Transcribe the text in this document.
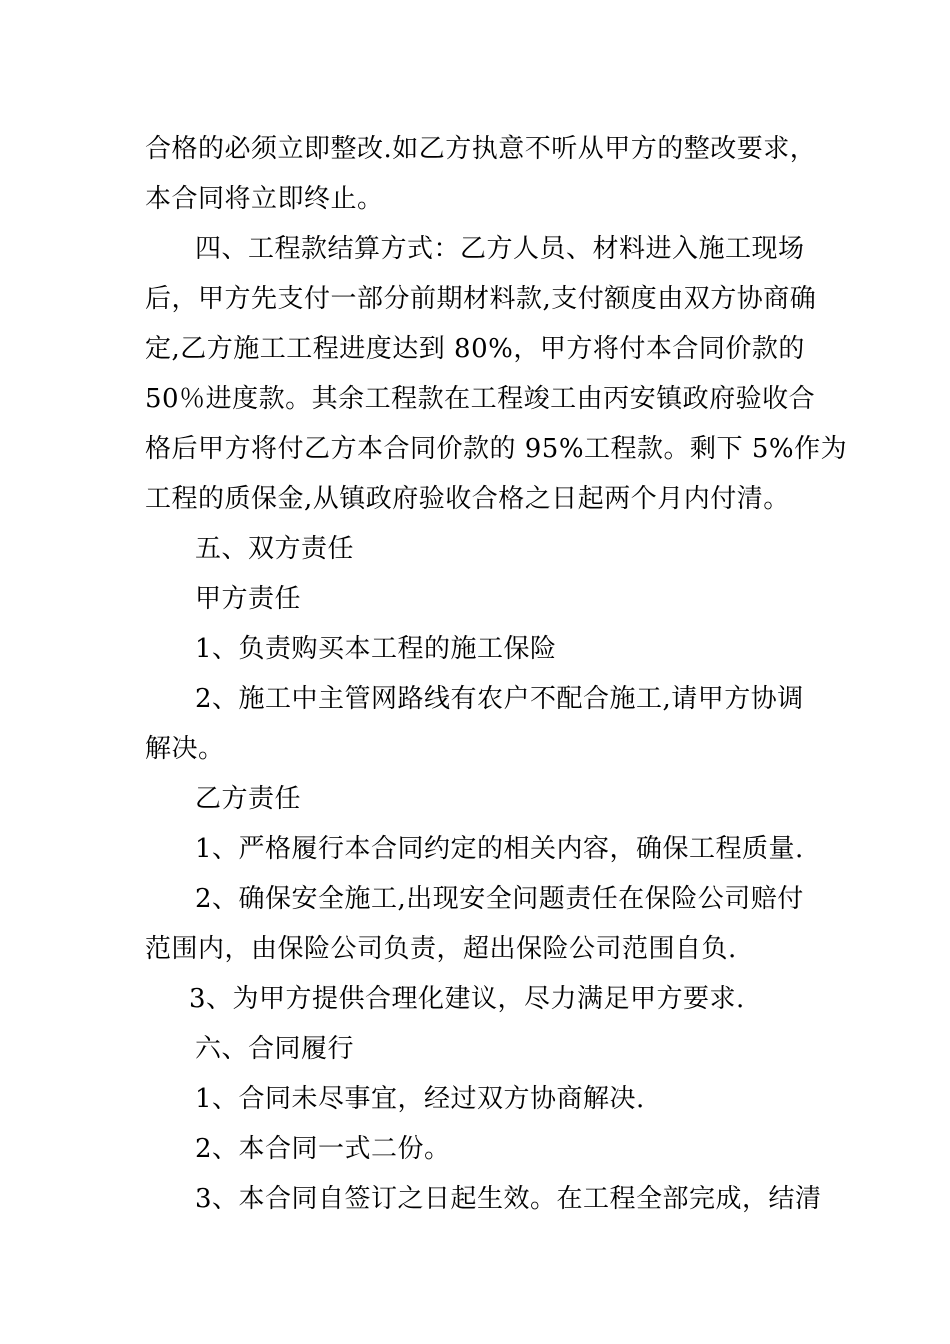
合格的必须立即整改.如乙方执意不听从甲方的整改要求，
本合同将立即终止。
四、工程款结算方式：乙方人员、材料进入施工现场
后，甲方先支付一部分前期材料款,支付额度由双方协商确
定,乙方施工工程进度达到 80%，甲方将付本合同价款的
50％进度款。其余工程款在工程竣工由丙安镇政府验收合
格后甲方将付乙方本合同价款的 95%工程款。剩下 5%作为
工程的质保金,从镇政府验收合格之日起两个月内付清。
五、双方责任
甲方责任
1、负责购买本工程的施工保险
2、施工中主管网路线有农户不配合施工,请甲方协调
解决。
乙方责任
1、严格履行本合同约定的相关内容，确保工程质量.
2、确保安全施工,出现安全问题责任在保险公司赔付
范围内，由保险公司负责，超出保险公司范围自负.
3、为甲方提供合理化建议，尽力满足甲方要求.
六、合同履行
1、合同未尽事宜，经过双方协商解决.
2、本合同一式二份。
3、本合同自签订之日起生效。在工程全部完成，结清
